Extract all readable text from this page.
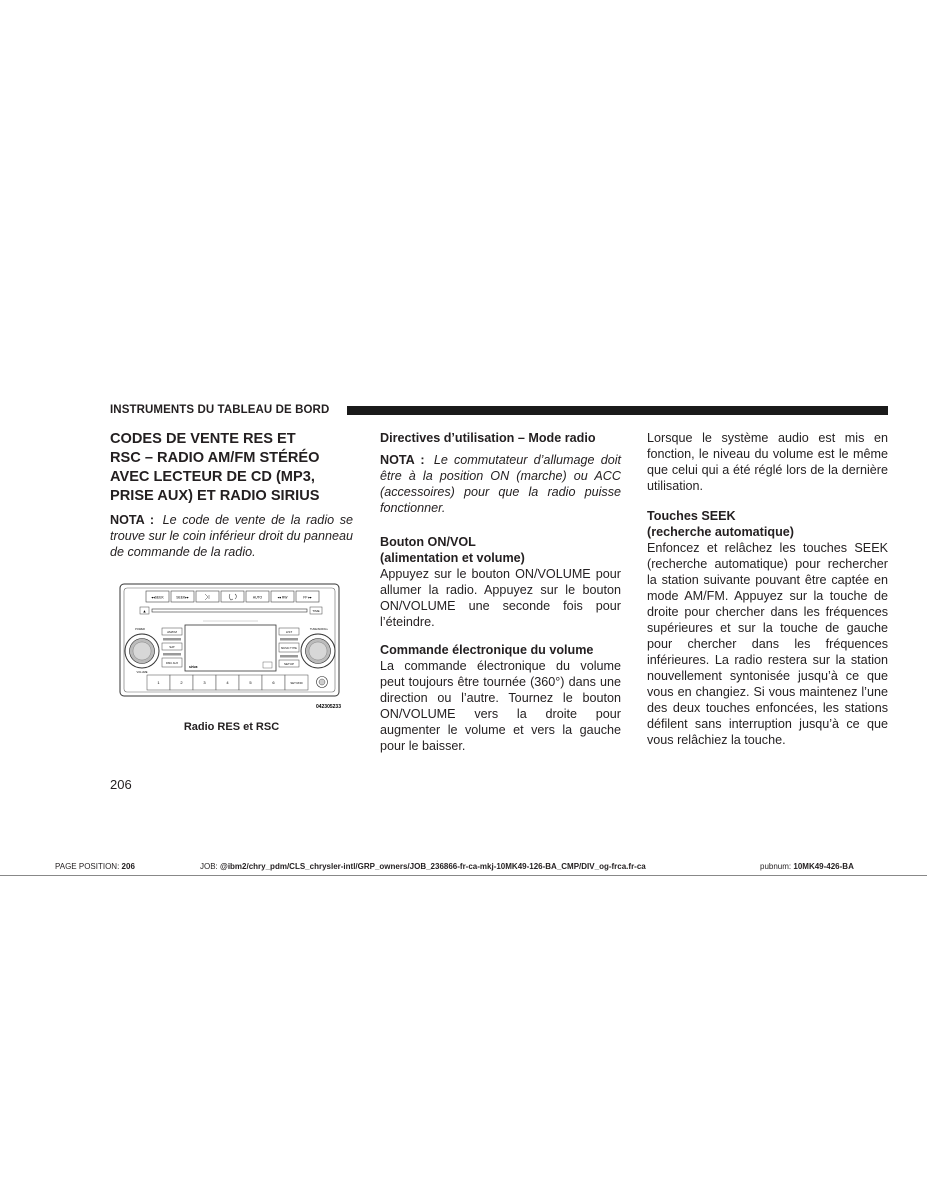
INSTRUMENTS DU TABLEAU DE BORD
CODES DE VENTE RES ET
RSC – RADIO AM/FM STÉRÉO
AVEC LECTEUR DE CD (MP3,
PRISE AUX) ET RADIO SIRIUS

NOTA : Le code de vente de la radio se trouve sur le coin inférieur droit du panneau de commande de la radio.

◂◂SEEK	SEEK▸▸	AUTO	◂◂ RW	FF ▸▸
▲	TIME
POWER	TUNE/SCROLL
VOLUME
AM/FM
SAT
DISC AUX
sirius
LIST
MUSIC TYPE
SETUP
1	2	3	4	5	6	SET RND
042305233
Radio RES et RSC

Directives d’utilisation – Mode radio

NOTA : Le commutateur d’allumage doit être à la position ON (marche) ou ACC (accessoires) pour que la radio puisse fonctionner.

Bouton ON/VOL

(alimentation et volume)

Appuyez sur le bouton ON/VOLUME pour allumer la radio. Appuyez sur le bouton ON/VOLUME une seconde fois pour l’éteindre.

Commande électronique du volume

La commande électronique du volume peut toujours être tournée (360°) dans une direction ou l’autre. Tournez le bouton ON/VOLUME vers la droite pour augmenter le volume et vers la gauche pour le baisser.

Lorsque le système audio est mis en fonction, le niveau du volume est le même que celui qui a été réglé lors de la dernière utilisation.

Touches SEEK

(recherche automatique)

Enfoncez et relâchez les touches SEEK (recherche automatique) pour rechercher la station suivante pouvant être captée en mode AM/FM. Appuyez sur la touche de droite pour chercher dans les fréquences supérieures et sur la touche de gauche pour chercher dans les fréquences inférieures. La radio restera sur la station nouvellement syntonisée jusqu’à ce que vous en changiez. Si vous maintenez l’une des deux touches enfoncées, les stations défilent sans interruption jusqu’à ce que vous relâchiez la touche.

206
PAGE POSITION: 206	JOB: @ibm2/chry_pdm/CLS_chrysler-intl/GRP_owners/JOB_236866-fr-ca-mkj-10MK49-126-BA_CMP/DIV_og-frca.fr-ca	pubnum: 10MK49-426-BA
